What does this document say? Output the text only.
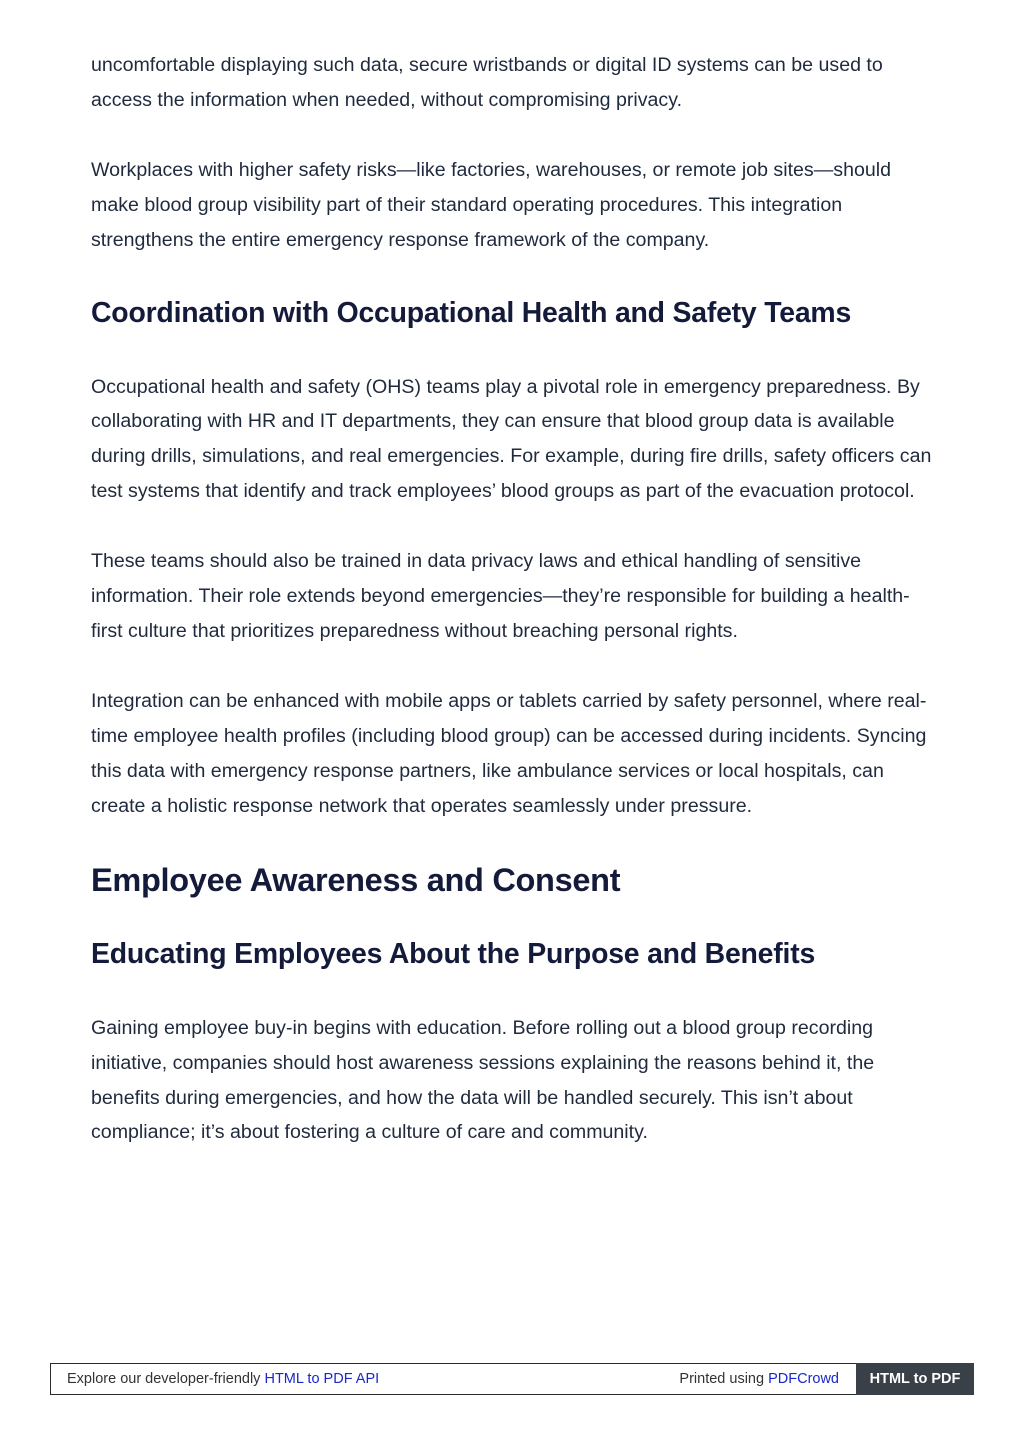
uncomfortable displaying such data, secure wristbands or digital ID systems can be used to access the information when needed, without compromising privacy.

Workplaces with higher safety risks—like factories, warehouses, or remote job sites—should make blood group visibility part of their standard operating procedures. This integration strengthens the entire emergency response framework of the company.

Coordination with Occupational Health and Safety Teams

Occupational health and safety (OHS) teams play a pivotal role in emergency preparedness. By collaborating with HR and IT departments, they can ensure that blood group data is available during drills, simulations, and real emergencies. For example, during fire drills, safety officers can test systems that identify and track employees’ blood groups as part of the evacuation protocol.

These teams should also be trained in data privacy laws and ethical handling of sensitive information. Their role extends beyond emergencies—they’re responsible for building a health-first culture that prioritizes preparedness without breaching personal rights.

Integration can be enhanced with mobile apps or tablets carried by safety personnel, where real-time employee health profiles (including blood group) can be accessed during incidents. Syncing this data with emergency response partners, like ambulance services or local hospitals, can create a holistic response network that operates seamlessly under pressure.

Employee Awareness and Consent
Educating Employees About the Purpose and Benefits

Gaining employee buy-in begins with education. Before rolling out a blood group recording initiative, companies should host awareness sessions explaining the reasons behind it, the benefits during emergencies, and how the data will be handled securely. This isn’t about compliance; it’s about fostering a culture of care and community.

Explore our developer-friendly HTML to PDF API	Printed using PDFCrowd	HTML to PDF
